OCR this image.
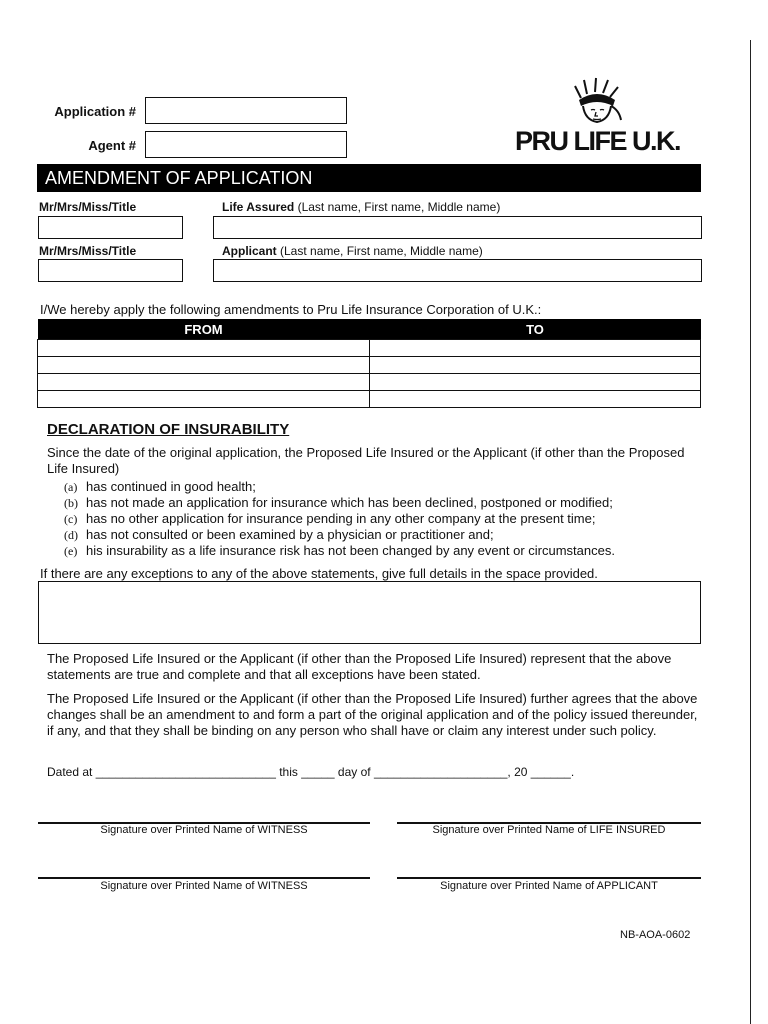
Application #
Agent #	PRU LIFE U.K.
AMENDMENT OF APPLICATION
Mr/Mrs/Miss/Title	Life Assured (Last name, First name, Middle name)
Mr/Mrs/Miss/Title	Applicant (Last name, First name, Middle name)
I/We hereby apply the following amendments to Pru Life Insurance Corporation of U.K.:
FROM	TO

DECLARATION OF INSURABILITY
Since the date of the original application, the Proposed Life Insured or the Applicant (if other than the Proposed Life Insured)
(a) has continued in good health;
(b) has not made an application for insurance which has been declined, postponed or modified;
(c) has no other application for insurance pending in any other company at the present time;
(d) has not consulted or been examined by a physician or practitioner and;
(e) his insurability as a life insurance risk has not been changed by any event or circumstances.
If there are any exceptions to any of the above statements, give full details in the space provided.
The Proposed Life Insured or the Applicant (if other than the Proposed Life Insured) represent that the above statements are true and complete and that all exceptions have been stated.
The Proposed Life Insured or the Applicant (if other than the Proposed Life Insured) further agrees that the above changes shall be an amendment to and form a part of the original application and of the policy issued thereunder, if any, and that they shall be binding on any person who shall have or claim any interest under such policy.
Dated at ___________________________ this _____ day of ____________________, 20 ______.
Signature over Printed Name of WITNESS	Signature over Printed Name of LIFE INSURED
Signature over Printed Name of WITNESS	Signature over Printed Name of APPLICANT
NB-AOA-0602
